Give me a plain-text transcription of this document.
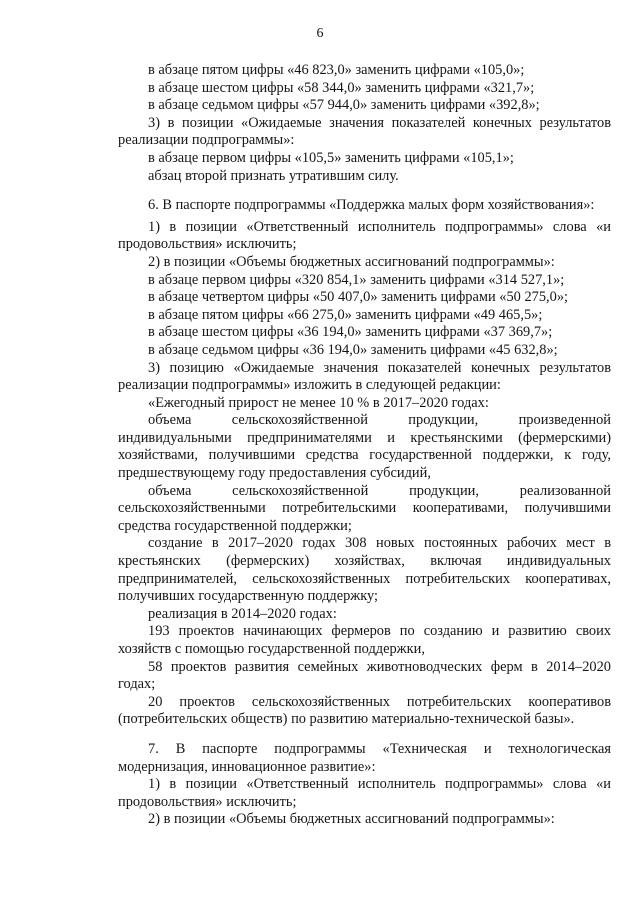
6

в абзаце пятом цифры «46 823,0» заменить цифрами «105,0»;

в абзаце шестом цифры «58 344,0» заменить цифрами «321,7»;

в абзаце седьмом цифры «57 944,0» заменить цифрами «392,8»;

3) в позиции «Ожидаемые значения показателей конечных результатов реализации подпрограммы»:

в абзаце первом цифры «105,5» заменить цифрами «105,1»;

абзац второй признать утратившим силу.

6. В паспорте подпрограммы «Поддержка малых форм хозяйствования»:

1) в позиции «Ответственный исполнитель подпрограммы» слова «и продовольствия» исключить;

2) в позиции «Объемы бюджетных ассигнований подпрограммы»:

в абзаце первом цифры «320 854,1» заменить цифрами «314 527,1»;

в абзаце четвертом цифры «50 407,0» заменить цифрами «50 275,0»;

в абзаце пятом цифры «66 275,0» заменить цифрами «49 465,5»;

в абзаце шестом цифры «36 194,0» заменить цифрами «37 369,7»;

в абзаце седьмом цифры «36 194,0» заменить цифрами «45 632,8»;

3) позицию «Ожидаемые значения показателей конечных результатов реализации подпрограммы» изложить в следующей редакции:

«Ежегодный прирост не менее 10 % в 2017–2020 годах:

объема сельскохозяйственной продукции, произведенной индивидуальными предпринимателями и крестьянскими (фермерскими) хозяйствами, получившими средства государственной поддержки, к году, предшествующему году предоставления субсидий,

объема сельскохозяйственной продукции, реализованной сельскохозяйственными потребительскими кооперативами, получившими средства государственной поддержки;

создание в 2017–2020 годах 308 новых постоянных рабочих мест в крестьянских (фермерских) хозяйствах, включая индивидуальных предпринимателей, сельскохозяйственных потребительских кооперативах, получивших государственную поддержку;

реализация в 2014–2020 годах:

193 проектов начинающих фермеров по созданию и развитию своих хозяйств с помощью государственной поддержки,

58 проектов развития семейных животноводческих ферм в 2014–2020 годах;

20 проектов сельскохозяйственных потребительских кооперативов (потребительских обществ) по развитию материально-технической базы».

7. В паспорте подпрограммы «Техническая и технологическая модернизация, инновационное развитие»:

1) в позиции «Ответственный исполнитель подпрограммы» слова «и продовольствия» исключить;

2) в позиции «Объемы бюджетных ассигнований подпрограммы»:
